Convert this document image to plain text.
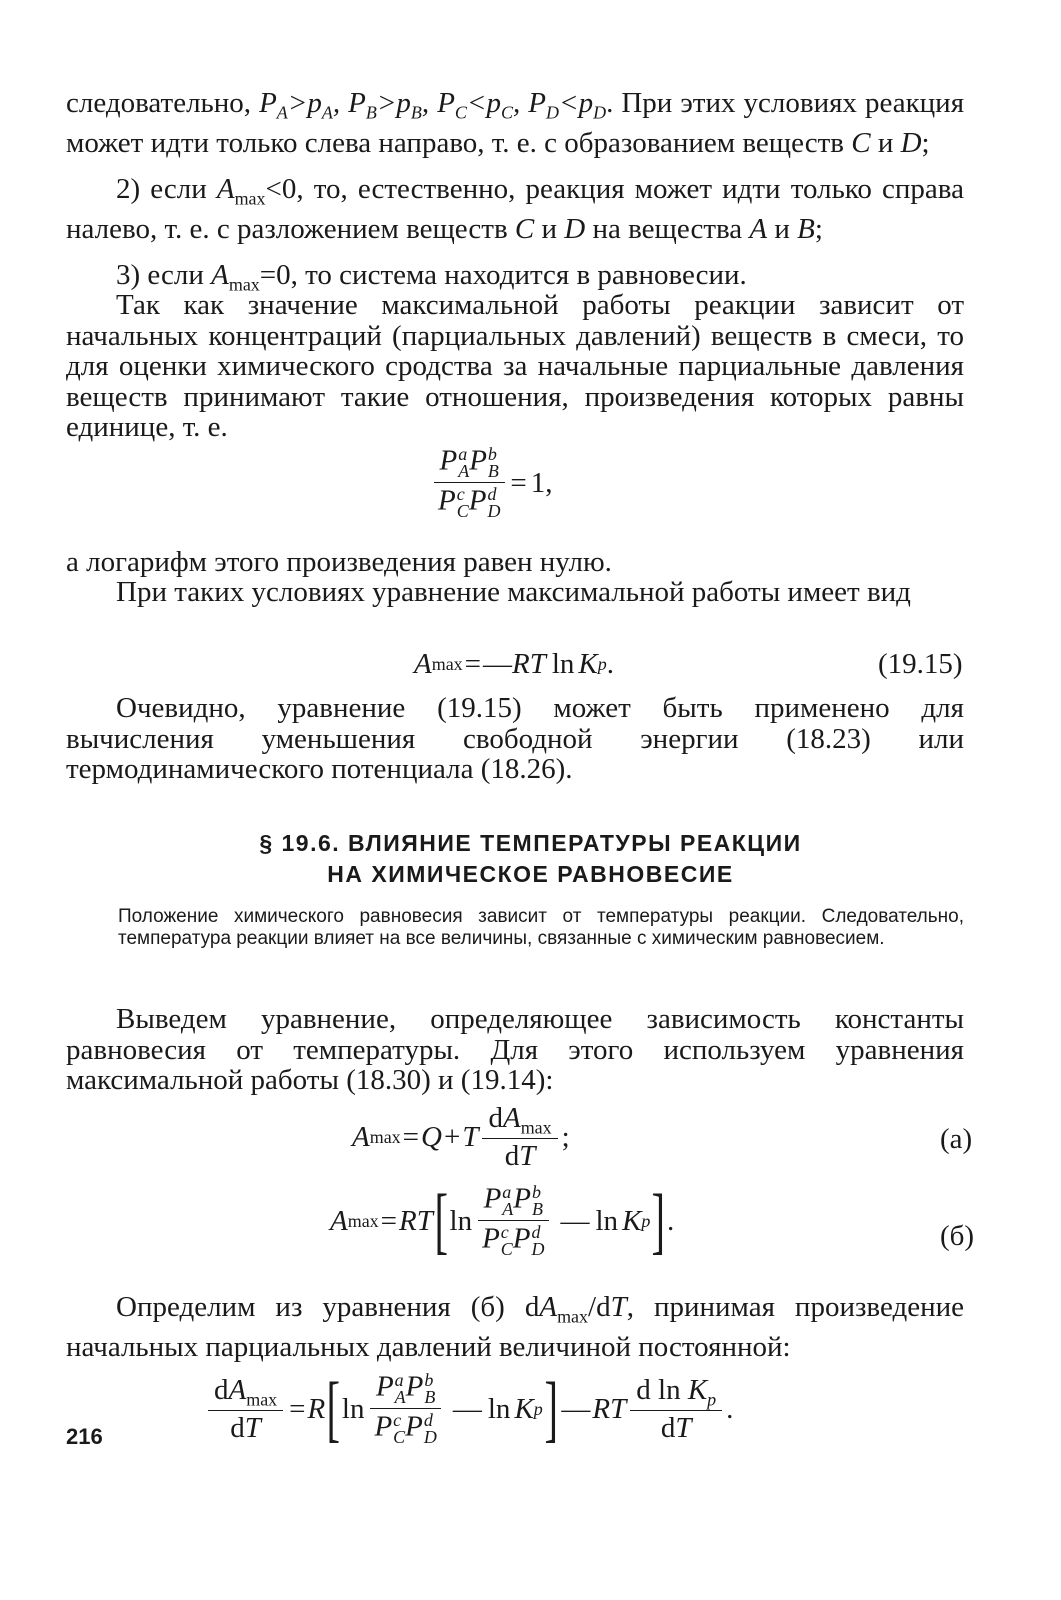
следовательно, $P_A>p_A$, $P_B>p_B$, $P_C<p_C$, $P_D<p_D$. При этих условиях реакция может идти только слева направо, т. е. с образованием веществ C и D;

2) если $A_{max}<0$, то, естественно, реакция может идти только справа налево, т. е. с разложением веществ C и D на вещества A и B;

3) если $A_{max}=0$, то система находится в равновесии.

Так как значение максимальной работы реакции зависит от начальных концентраций (парциальных давлений) веществ в смеси, то для оценки химического сродства за начальные парциальные давления веществ принимают такие отношения, произведения которых равны единице, т. е.

P a
A P b
B
P c
C P d
D = 1 ,

а логарифм этого произведения равен нулю.

При таких условиях уравнение максимальной работы имеет вид

A max = — RT ln K p .	(19.15)

Очевидно, уравнение (19.15) может быть применено для вычисления уменьшения свободной энергии (18.23) или термодинамического потенциала (18.26).

§ 19.6. ВЛИЯНИЕ ТЕМПЕРАТУРЫ РЕАКЦИИ
НА ХИМИЧЕСКОЕ РАВНОВЕСИЕ

Положение химического равновесия зависит от температуры реакции. Следовательно, температура реакции влияет на все величины, связанные с химическим равновесием.

Выведем уравнение, определяющее зависимость константы равновесия от температуры. Для этого используем уравнения максимальной работы (18.30) и (19.14):

A max = Q + T $\frac{dA_{max}}{dT}$ ;	(а)
A max = RT [ ln P a
A P b
B
P c
C P d
D — ln K p ] .	(б)

Определим из уравнения (б) $dA_{max}/dT$, принимая произведение начальных парциальных давлений величиной постоянной:

$\frac{dA_{max}}{dT} = R$ [ ln P a
A P b
B
P c
C P d
D — ln K p ] — RT $\frac{d \ln K_p}{dT}$ .
216
